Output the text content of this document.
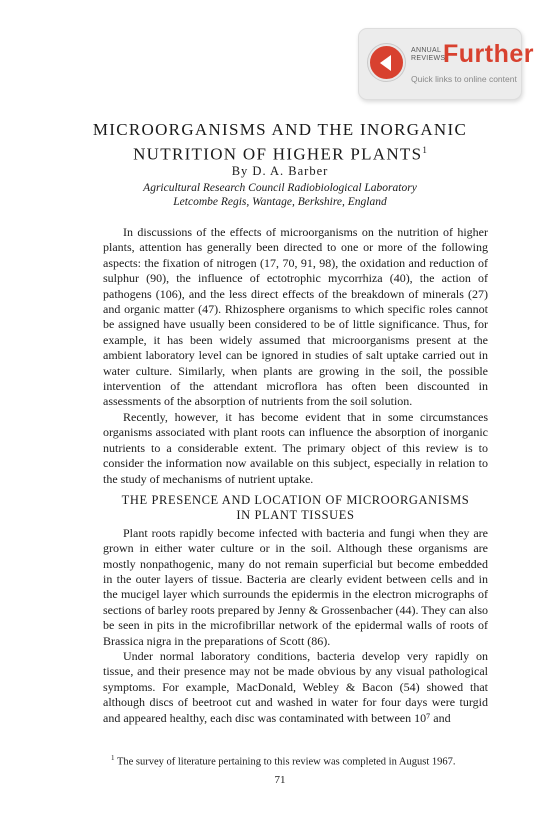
ANNUAL
REVIEWS
Further
Quick links to online content
MICROORGANISMS AND THE INORGANIC
NUTRITION OF HIGHER PLANTS$^1$
By D. A. Barber
Agricultural Research Council Radiobiological Laboratory
Letcombe Regis, Wantage, Berkshire, England

In discussions of the effects of microorganisms on the nutrition of higher plants, attention has generally been directed to one or more of the following aspects: the fixation of nitrogen (17, 70, 91, 98), the oxidation and reduction of sulphur (90), the influence of ectotrophic mycorrhiza (40), the action of pathogens (106), and the less direct effects of the breakdown of minerals (27) and organic matter (47). Rhizosphere organisms to which specific roles cannot be assigned have usually been considered to be of little significance. Thus, for example, it has been widely assumed that microorganisms present at the ambient laboratory level can be ignored in studies of salt uptake carried out in water culture. Similarly, when plants are growing in the soil, the possible intervention of the attendant microflora has often been discounted in assessments of the absorption of nutrients from the soil solution.

Recently, however, it has become evident that in some circumstances organisms associated with plant roots can influence the absorption of inorganic nutrients to a considerable extent. The primary object of this review is to consider the information now available on this subject, especially in relation to the study of mechanisms of nutrient uptake.

THE PRESENCE AND LOCATION OF MICROORGANISMS
IN PLANT TISSUES

Plant roots rapidly become infected with bacteria and fungi when they are grown in either water culture or in the soil. Although these organisms are mostly nonpathogenic, many do not remain superficial but become embedded in the outer layers of tissue. Bacteria are clearly evident between cells and in the mucigel layer which surrounds the epidermis in the electron micrographs of sections of barley roots prepared by Jenny & Grossenbacher (44). They can also be seen in pits in the microfibrillar network of the epidermal walls of roots of Brassica nigra in the preparations of Scott (86).

Under normal laboratory conditions, bacteria develop very rapidly on tissue, and their presence may not be made obvious by any visual pathological symptoms. For example, MacDonald, Webley & Bacon (54) showed that although discs of beetroot cut and washed in water for four days were turgid and appeared healthy, each disc was contaminated with between 10⁷ and

$^1$ The survey of literature pertaining to this review was completed in August 1967.
71
